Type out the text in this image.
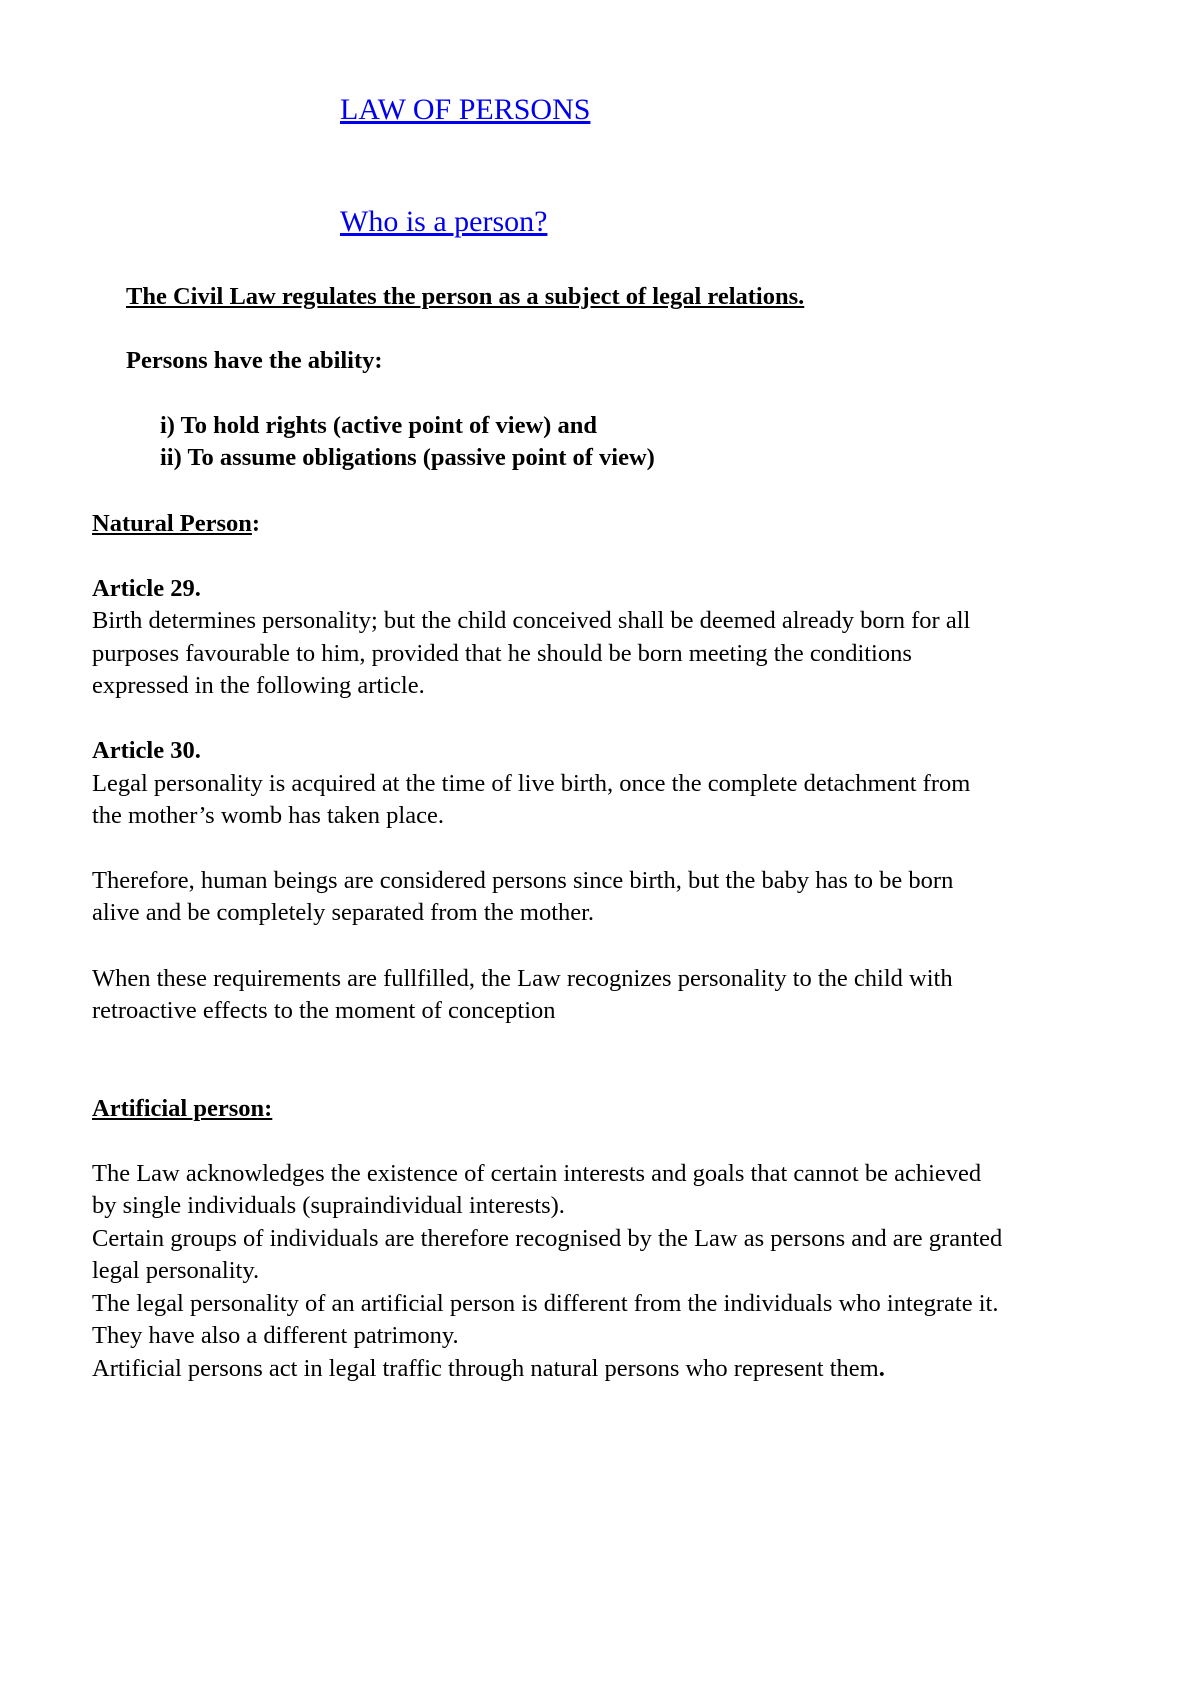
LAW OF PERSONS
Who is a person?
The Civil Law regulates the person as a subject of legal relations.
Persons have the ability:
i) To hold rights (active point of view) and
ii) To assume obligations (passive point of view)
Natural Person:
Article 29.
Birth determines personality; but the child conceived shall be deemed already born for all
purposes favourable to him, provided that he should be born meeting the conditions
expressed in the following article.
Article 30.
Legal personality is acquired at the time of live birth, once the complete detachment from
the mother’s womb has taken place.
Therefore, human beings are considered persons since birth, but the baby has to be born
alive and be completely separated from the mother.
When these requirements are fullfilled, the Law recognizes personality to the child with
retroactive effects to the moment of conception
Artificial person:
The Law acknowledges the existence of certain interests and goals that cannot be achieved
by single individuals (supraindividual interests).
Certain groups of individuals are therefore recognised by the Law as persons and are granted
legal personality.
The legal personality of an artificial person is different from the individuals who integrate it.
They have also a different patrimony.
Artificial persons act in legal traffic through natural persons who represent them.
